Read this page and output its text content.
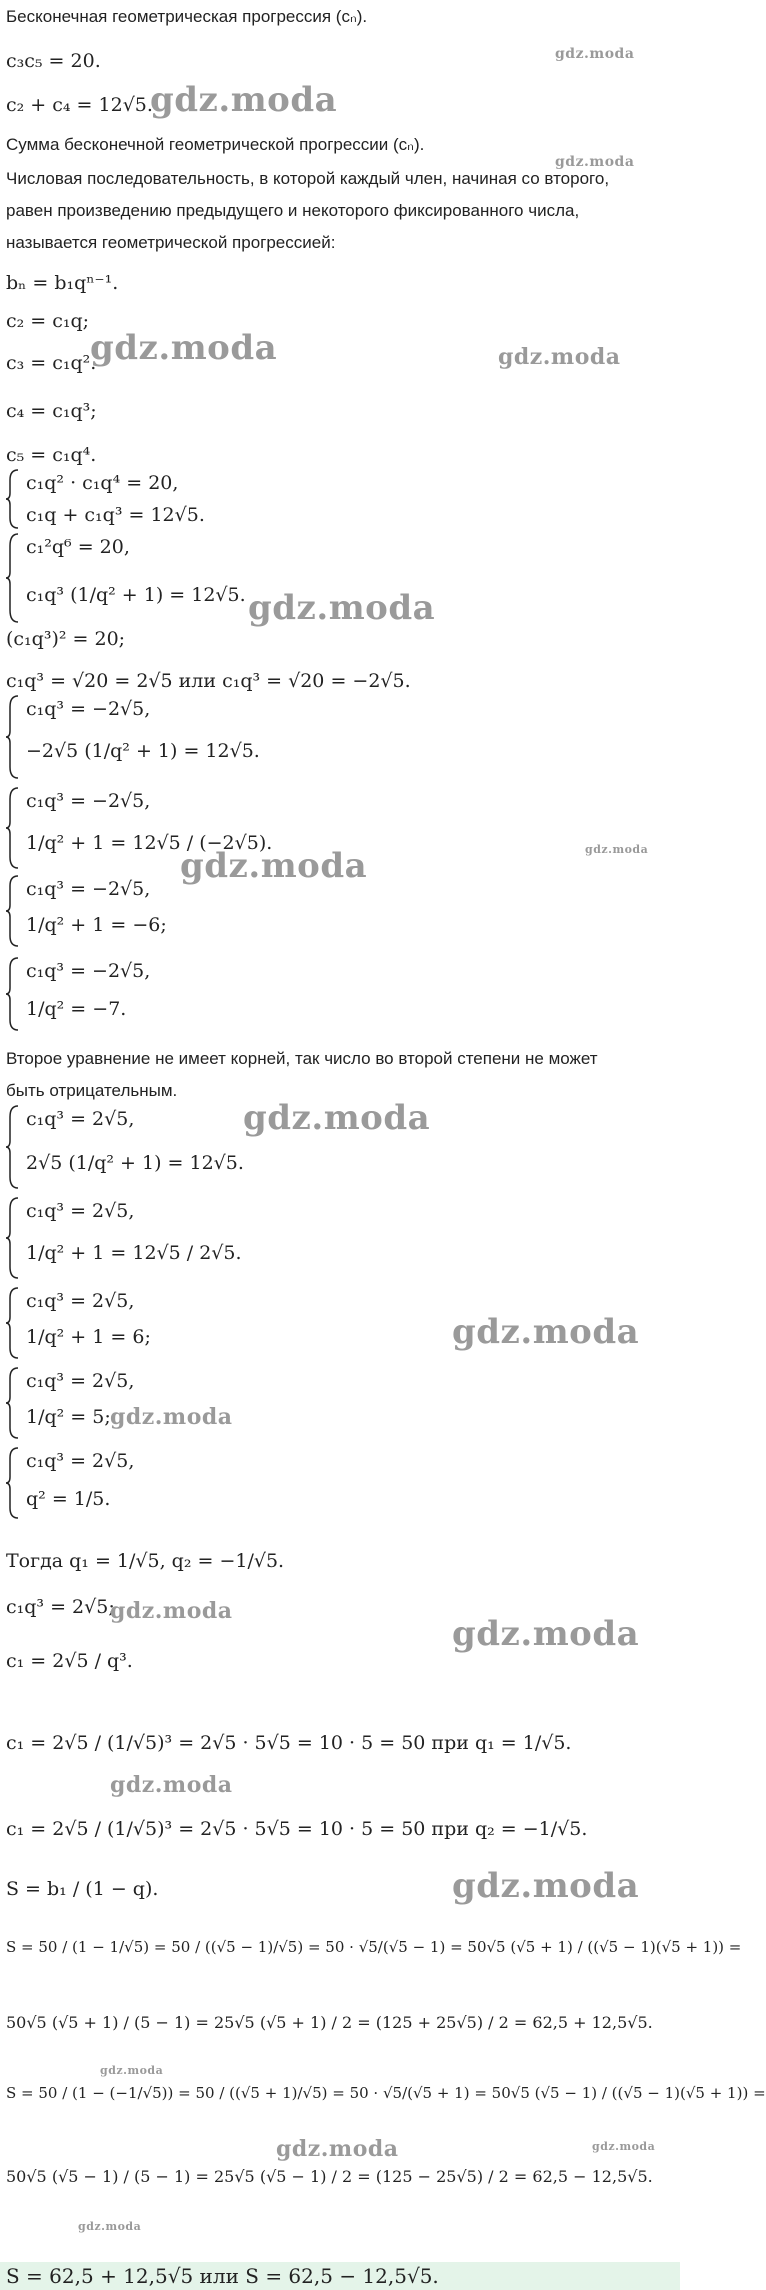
Бесконечная геометрическая прогрессия (cₙ).
c₃c₅ = 20.
c₂ + c₄ = 12√5.
Сумма бесконечной геометрической прогрессии (cₙ).
Числовая последовательность, в которой каждый член, начиная со второго,
равен произведению предыдущего и некоторого фиксированного числа,
называется геометрической прогрессией:
bₙ = b₁qⁿ⁻¹.
c₂ = c₁q;
c₃ = c₁q².
c₄ = c₁q³;
c₅ = c₁q⁴.
c₁q² · c₁q⁴ = 20,
c₁q + c₁q³ = 12√5.
c₁²q⁶ = 20,
c₁q³ (1/q² + 1) = 12√5.
(c₁q³)² = 20;
c₁q³ = √20 = 2√5 или c₁q³ = √20 = −2√5.
c₁q³ = −2√5,
−2√5 (1/q² + 1) = 12√5.
c₁q³ = −2√5,
1/q² + 1 = 12√5 / (−2√5).
c₁q³ = −2√5,
1/q² + 1 = −6;
c₁q³ = −2√5,
1/q² = −7.
Второе уравнение не имеет корней, так число во второй степени не может
быть отрицательным.
c₁q³ = 2√5,
2√5 (1/q² + 1) = 12√5.
c₁q³ = 2√5,
1/q² + 1 = 12√5 / 2√5.
c₁q³ = 2√5,
1/q² + 1 = 6;
c₁q³ = 2√5,
1/q² = 5;
c₁q³ = 2√5,
q² = 1/5.
Тогда q₁ = 1/√5, q₂ = −1/√5.
c₁q³ = 2√5;
c₁ = 2√5 / q³.
c₁ = 2√5 / (1/√5)³ = 2√5 · 5√5 = 10 · 5 = 50 при q₁ = 1/√5.
c₁ = 2√5 / (1/√5)³ = 2√5 · 5√5 = 10 · 5 = 50 при q₂ = −1/√5.
S = b₁ / (1 − q).
S = 50 / (1 − 1/√5) = 50 / ((√5 − 1)/√5) = 50 · √5/(√5 − 1) = 50√5 (√5 + 1) / ((√5 − 1)(√5 + 1)) =
50√5 (√5 + 1) / (5 − 1) = 25√5 (√5 + 1) / 2 = (125 + 25√5) / 2 = 62,5 + 12,5√5.
S = 50 / (1 − (−1/√5)) = 50 / ((√5 + 1)/√5) = 50 · √5/(√5 + 1) = 50√5 (√5 − 1) / ((√5 − 1)(√5 + 1)) =
50√5 (√5 − 1) / (5 − 1) = 25√5 (√5 − 1) / 2 = (125 − 25√5) / 2 = 62,5 − 12,5√5.
S = 62,5 + 12,5√5 или S = 62,5 − 12,5√5.
gdz.moda
gdz.moda
gdz.moda
gdz.moda	gdz.moda
gdz.moda
gdz.moda
gdz.moda
gdz.moda
gdz.moda
gdz.moda
gdz.moda
gdz.moda
gdz.moda
gdz.moda
gdz.moda
gdz.moda	gdz.moda
gdz.moda
